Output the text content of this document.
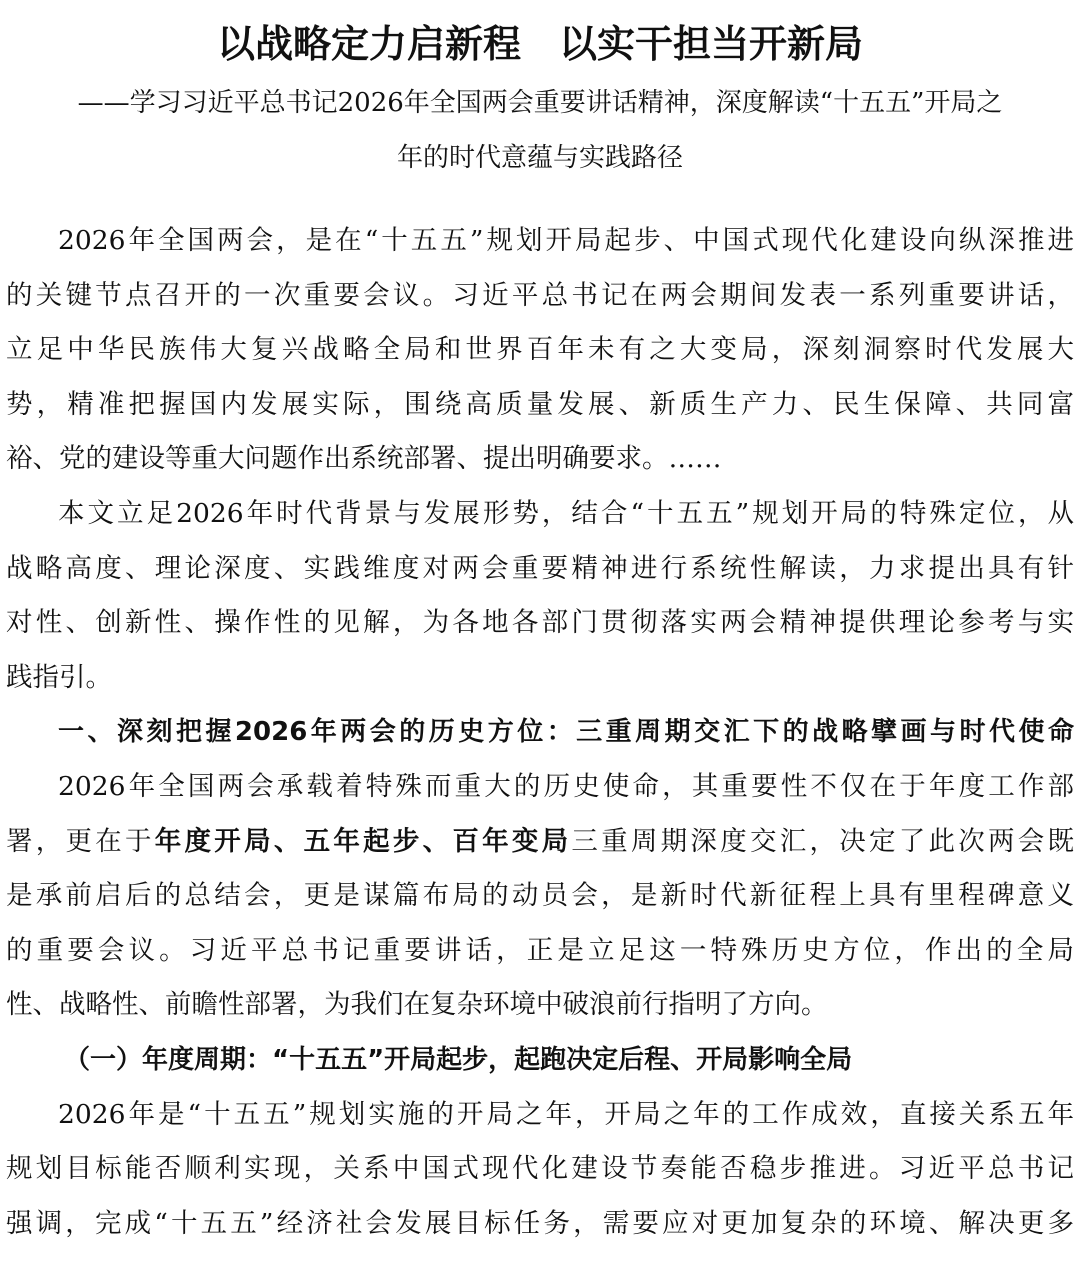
以战略定力启新程　以实干担当开新局
——学习习近平总书记2026年全国两会重要讲话精神，深度解读“十五五”开局之
年的时代意蕴与实践路径
2026年全国两会，是在“十五五”规划开局起步、中国式现代化建设向纵深推进
的关键节点召开的一次重要会议。习近平总书记在两会期间发表一系列重要讲话，
立足中华民族伟大复兴战略全局和世界百年未有之大变局，深刻洞察时代发展大
势，精准把握国内发展实际，围绕高质量发展、新质生产力、民生保障、共同富
裕、党的建设等重大问题作出系统部署、提出明确要求。……
本文立足2026年时代背景与发展形势，结合“十五五”规划开局的特殊定位，从
战略高度、理论深度、实践维度对两会重要精神进行系统性解读，力求提出具有针
对性、创新性、操作性的见解，为各地各部门贯彻落实两会精神提供理论参考与实
践指引。
一、深刻把握2026年两会的历史方位：三重周期交汇下的战略擘画与时代使命
2026年全国两会承载着特殊而重大的历史使命，其重要性不仅在于年度工作部
署，更在于年度开局、五年起步、百年变局三重周期深度交汇，决定了此次两会既
是承前启后的总结会，更是谋篇布局的动员会，是新时代新征程上具有里程碑意义
的重要会议。习近平总书记重要讲话，正是立足这一特殊历史方位，作出的全局
性、战略性、前瞻性部署，为我们在复杂环境中破浪前行指明了方向。
（一）年度周期：“十五五”开局起步，起跑决定后程、开局影响全局
2026年是“十五五”规划实施的开局之年，开局之年的工作成效，直接关系五年
规划目标能否顺利实现，关系中国式现代化建设节奏能否稳步推进。习近平总书记
强调，完成“十五五”经济社会发展目标任务，需要应对更加复杂的环境、解决更多
